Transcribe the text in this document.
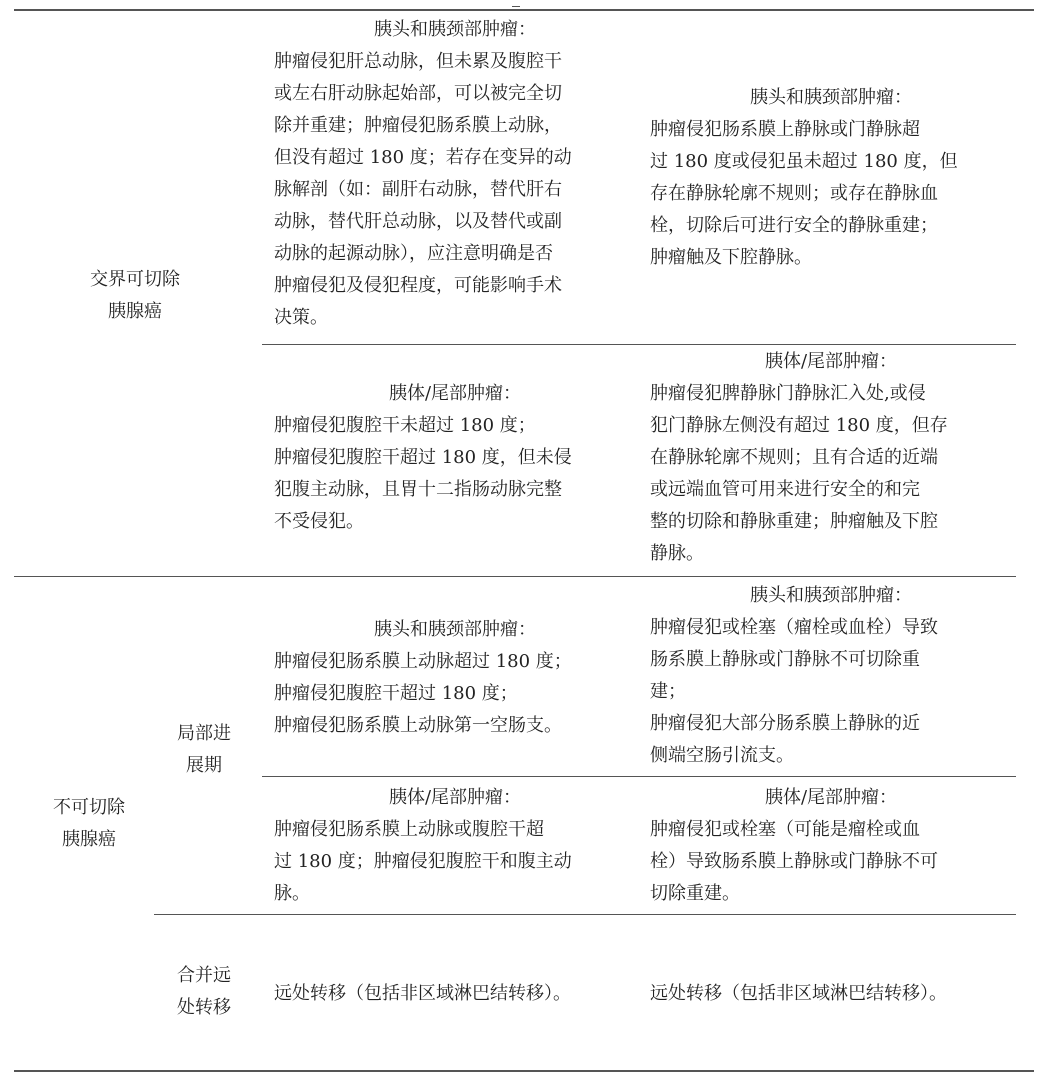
交界可切除
胰腺癌
胰头和胰颈部肿瘤：
肿瘤侵犯肝总动脉，但未累及腹腔干
或左右肝动脉起始部，可以被完全切
除并重建；肿瘤侵犯肠系膜上动脉，
但没有超过 180 度；若存在变异的动
脉解剖（如：副肝右动脉，替代肝右
动脉，替代肝总动脉，以及替代或副
动脉的起源动脉），应注意明确是否
肿瘤侵犯及侵犯程度，可能影响手术
决策。
胰头和胰颈部肿瘤：
肿瘤侵犯肠系膜上静脉或门静脉超
过 180 度或侵犯虽未超过 180 度，但
存在静脉轮廓不规则；或存在静脉血
栓，切除后可进行安全的静脉重建；
肿瘤触及下腔静脉。
胰体/尾部肿瘤：
肿瘤侵犯腹腔干未超过 180 度；
肿瘤侵犯腹腔干超过 180 度，但未侵
犯腹主动脉，且胃十二指肠动脉完整
不受侵犯。
胰体/尾部肿瘤：
肿瘤侵犯脾静脉门静脉汇入处,或侵
犯门静脉左侧没有超过 180 度，但存
在静脉轮廓不规则；且有合适的近端
或远端血管可用来进行安全的和完
整的切除和静脉重建；肿瘤触及下腔
静脉。
不可切除
胰腺癌
局部进
展期
胰头和胰颈部肿瘤：
肿瘤侵犯肠系膜上动脉超过 180 度；
肿瘤侵犯腹腔干超过 180 度；
肿瘤侵犯肠系膜上动脉第一空肠支。
胰头和胰颈部肿瘤：
肿瘤侵犯或栓塞（瘤栓或血栓）导致
肠系膜上静脉或门静脉不可切除重
建；
肿瘤侵犯大部分肠系膜上静脉的近
侧端空肠引流支。
胰体/尾部肿瘤：
肿瘤侵犯肠系膜上动脉或腹腔干超
过 180 度；肿瘤侵犯腹腔干和腹主动
脉。
胰体/尾部肿瘤：
肿瘤侵犯或栓塞（可能是瘤栓或血
栓）导致肠系膜上静脉或门静脉不可
切除重建。
合并远
处转移
远处转移（包括非区域淋巴结转移）。	远处转移（包括非区域淋巴结转移）。
